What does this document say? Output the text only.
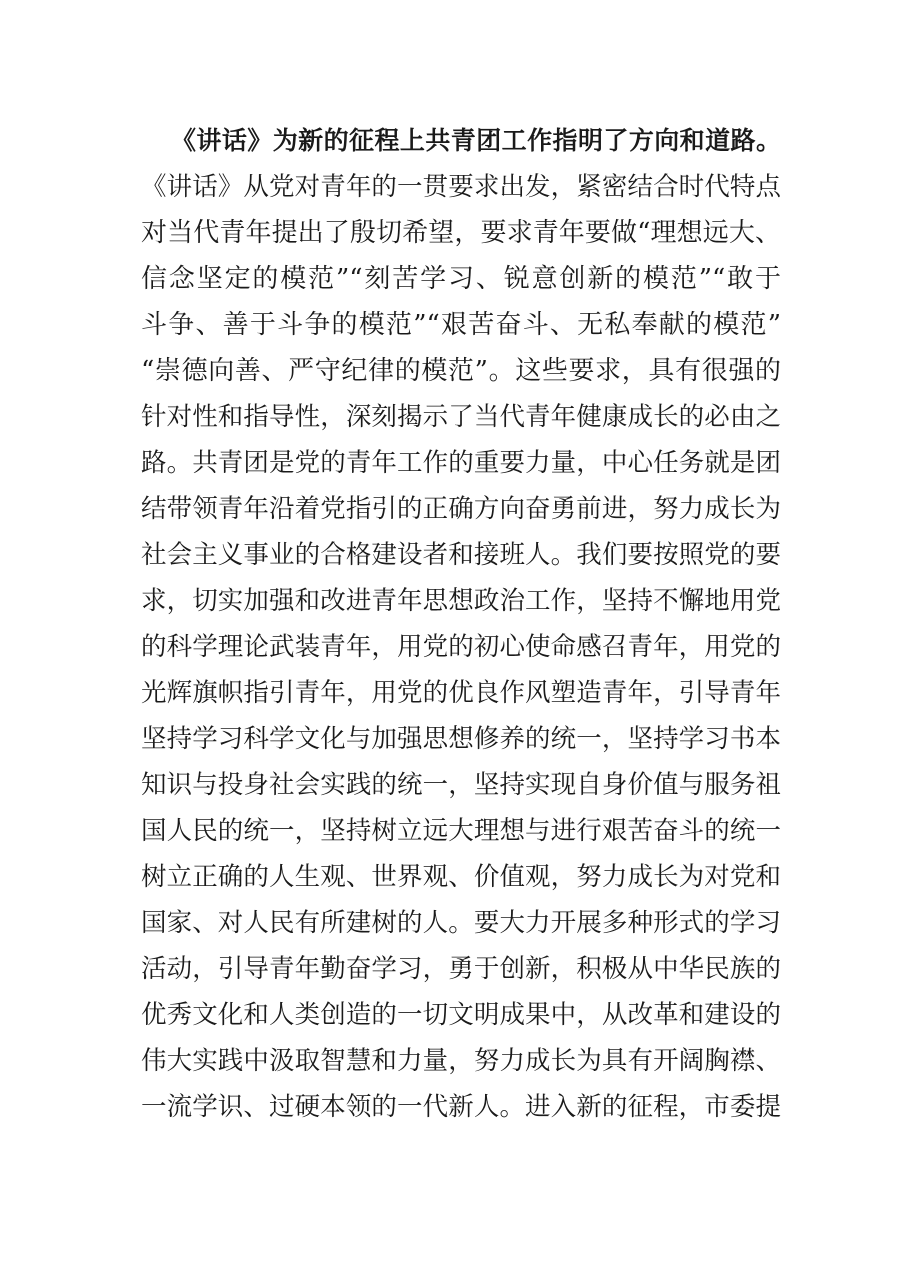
《讲话》为新的征程上共青团工作指明了方向和道路。
《讲话》从党对青年的一贯要求出发，紧密结合时代特点
对当代青年提出了殷切希望，要求青年要做“理想远大、
信念坚定的模范”“刻苦学习、锐意创新的模范”“敢于
斗争、善于斗争的模范”“艰苦奋斗、无私奉献的模范”
“崇德向善、严守纪律的模范”。这些要求，具有很强的
针对性和指导性，深刻揭示了当代青年健康成长的必由之
路。共青团是党的青年工作的重要力量，中心任务就是团
结带领青年沿着党指引的正确方向奋勇前进，努力成长为
社会主义事业的合格建设者和接班人。我们要按照党的要
求，切实加强和改进青年思想政治工作，坚持不懈地用党
的科学理论武装青年，用党的初心使命感召青年，用党的
光辉旗帜指引青年，用党的优良作风塑造青年，引导青年
坚持学习科学文化与加强思想修养的统一，坚持学习书本
知识与投身社会实践的统一，坚持实现自身价值与服务祖
国人民的统一，坚持树立远大理想与进行艰苦奋斗的统一
树立正确的人生观、世界观、价值观，努力成长为对党和
国家、对人民有所建树的人。要大力开展多种形式的学习
活动，引导青年勤奋学习，勇于创新，积极从中华民族的
优秀文化和人类创造的一切文明成果中，从改革和建设的
伟大实践中汲取智慧和力量，努力成长为具有开阔胸襟、
一流学识、过硬本领的一代新人。进入新的征程，市委提
